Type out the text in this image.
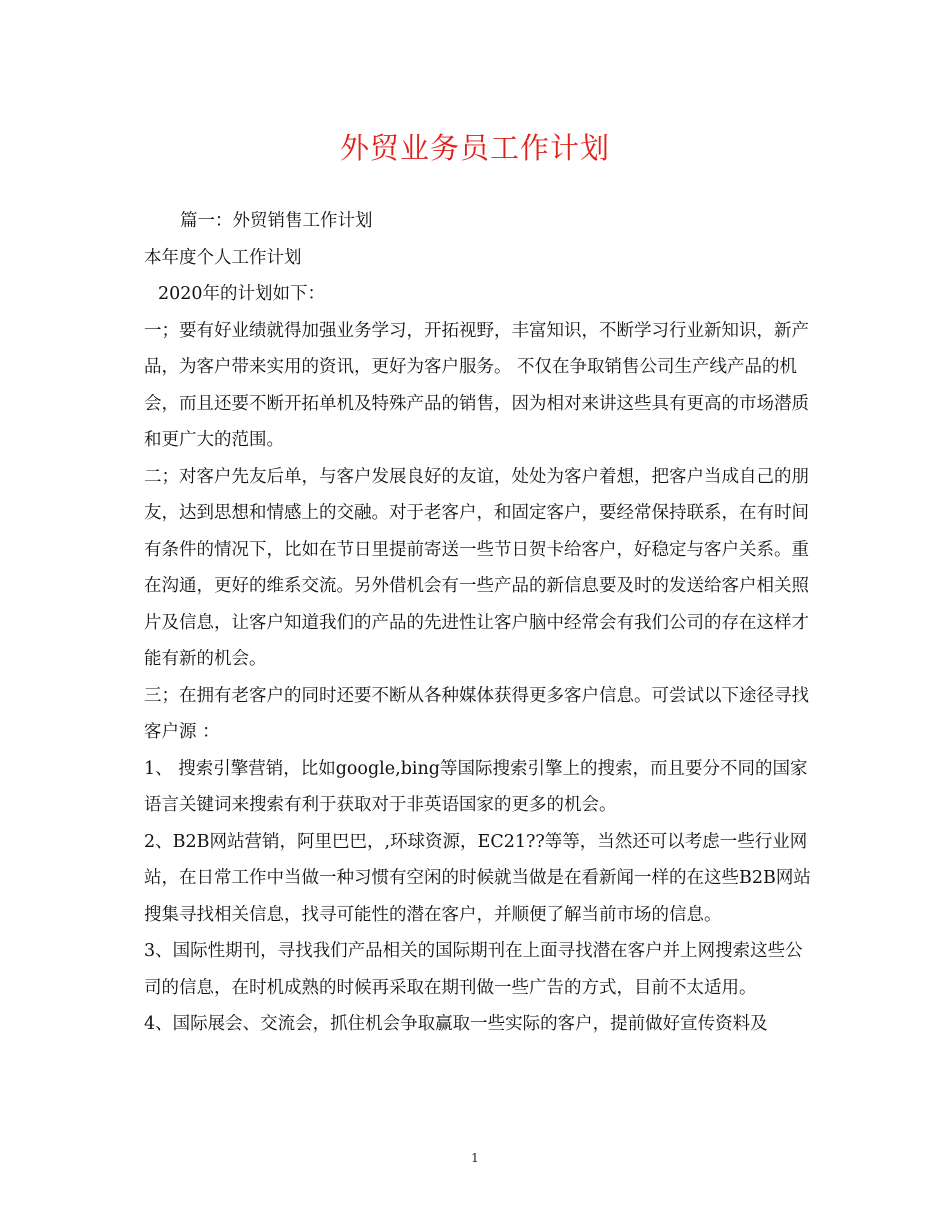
外贸业务员工作计划

篇一：外贸销售工作计划

本年度个人工作计划

2020年的计划如下：

一；要有好业绩就得加强业务学习，开拓视野，丰富知识，不断学习行业新知识，新产品，为客户带来实用的资讯，更好为客户服务。 不仅在争取销售公司生产线产品的机会，而且还要不断开拓单机及特殊产品的销售，因为相对来讲这些具有更高的市场潜质和更广大的范围。

二；对客户先友后单，与客户发展良好的友谊，处处为客户着想，把客户当成自己的朋友，达到思想和情感上的交融。对于老客户，和固定客户，要经常保持联系，在有时间有条件的情况下，比如在节日里提前寄送一些节日贺卡给客户，好稳定与客户关系。重在沟通，更好的维系交流。另外借机会有一些产品的新信息要及时的发送给客户相关照片及信息，让客户知道我们的产品的先进性让客户脑中经常会有我们公司的存在这样才能有新的机会。

三；在拥有老客户的同时还要不断从各种媒体获得更多客户信息。可尝试以下途径寻找客户源 ：

1、 搜索引擎营销，比如google,bing等国际搜索引擎上的搜索，而且要分不同的国家语言关键词来搜索有利于获取对于非英语国家的更多的机会。

2、B2B网站营销，阿里巴巴，,环球资源，EC21??等等，当然还可以考虑一些行业网站，在日常工作中当做一种习惯有空闲的时候就当做是在看新闻一样的在这些B2B网站搜集寻找相关信息，找寻可能性的潜在客户，并顺便了解当前市场的信息。

3、国际性期刊，寻找我们产品相关的国际期刊在上面寻找潜在客户并上网搜索这些公司的信息，在时机成熟的时候再采取在期刊做一些广告的方式，目前不太适用。

4、国际展会、交流会，抓住机会争取赢取一些实际的客户，提前做好宣传资料及

1
